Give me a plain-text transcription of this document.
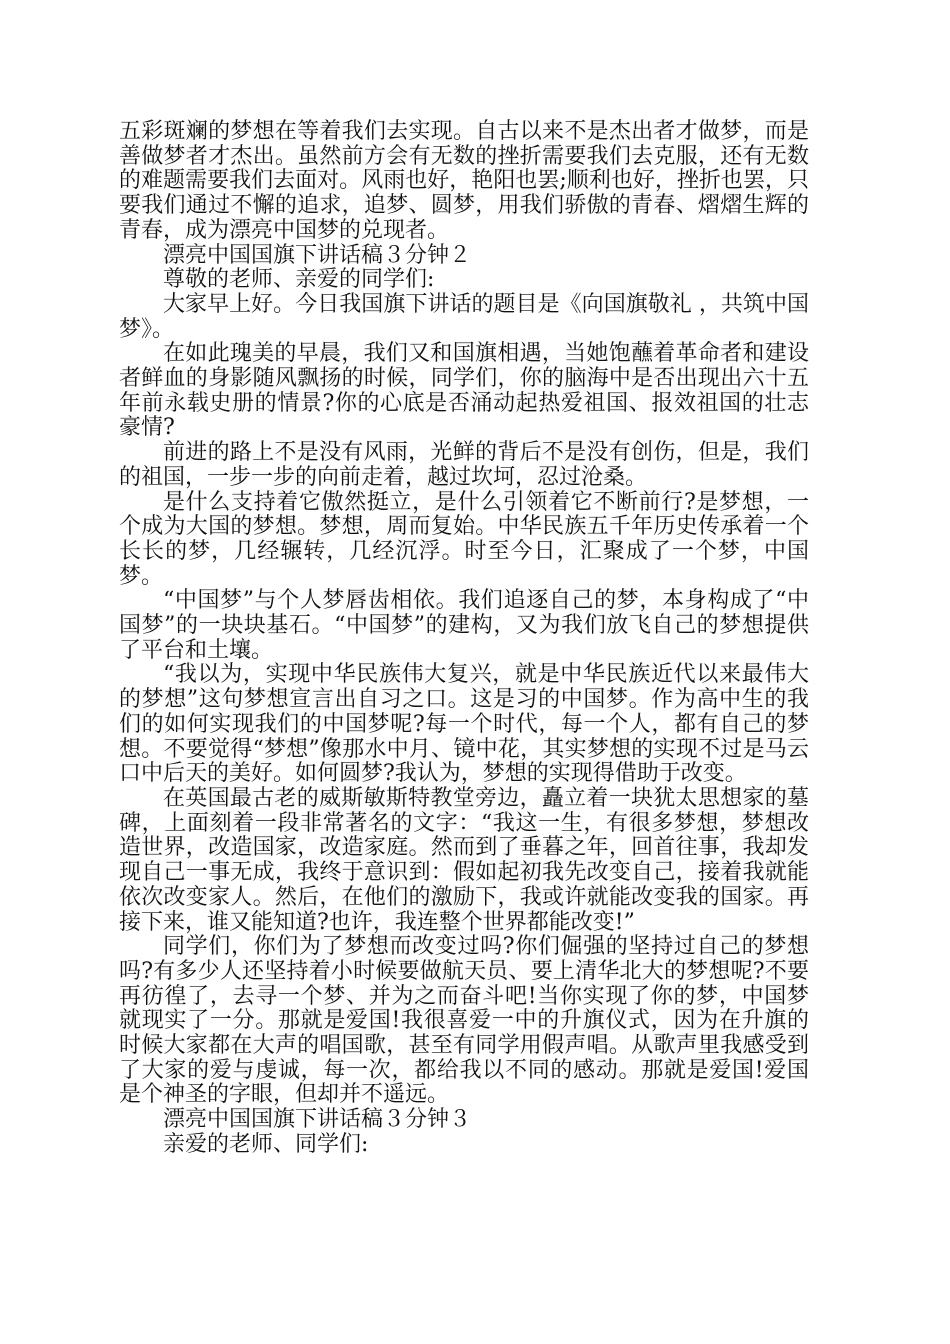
五彩斑斓的梦想在等着我们去实现。自古以来不是杰出者才做梦，而是善做梦者才杰出。虽然前方会有无数的挫折需要我们去克服，还有无数的难题需要我们去面对。风雨也好，艳阳也罢;顺利也好，挫折也罢，只要我们通过不懈的追求，追梦、圆梦，用我们骄傲的青春、熠熠生辉的青春，成为漂亮中国梦的兑现者。

漂亮中国国旗下讲话稿３分钟２

尊敬的老师、亲爱的同学们:

大家早上好。今日我国旗下讲话的题目是《向国旗敬礼 ，共筑中国梦》。

在如此瑰美的早晨，我们又和国旗相遇，当她饱蘸着革命者和建设者鲜血的身影随风飘扬的时候，同学们，你的脑海中是否出现出六十五年前永载史册的情景?你的心底是否涌动起热爱祖国、报效祖国的壮志豪情?

前进的路上不是没有风雨，光鲜的背后不是没有创伤，但是，我们的祖国，一步一步的向前走着，越过坎坷，忍过沧桑。

是什么支持着它傲然挺立，是什么引领着它不断前行?是梦想，一个成为大国的梦想。梦想，周而复始。中华民族五千年历史传承着一个长长的梦，几经辗转，几经沉浮。时至今日，汇聚成了一个梦，中国梦。

“中国梦”与个人梦唇齿相依。我们追逐自己的梦，本身构成了“中国梦”的一块块基石。“中国梦”的建构，又为我们放飞自己的梦想提供了平台和土壤。

“我以为，实现中华民族伟大复兴，就是中华民族近代以来最伟大的梦想”这句梦想宣言出自习之口。这是习的中国梦。作为高中生的我们的如何实现我们的中国梦呢?每一个时代，每一个人，都有自己的梦想。不要觉得“梦想”像那水中月、镜中花，其实梦想的实现不过是马云口中后天的美好。如何圆梦?我认为，梦想的实现得借助于改变。

在英国最古老的威斯敏斯特教堂旁边，矗立着一块犹太思想家的墓碑，上面刻着一段非常著名的文字：“我这一生，有很多梦想，梦想改造世界，改造国家，改造家庭。然而到了垂暮之年，回首往事，我却发现自己一事无成，我终于意识到：假如起初我先改变自己，接着我就能依次改变家人。然后，在他们的激励下，我或许就能改变我的国家。再接下来，谁又能知道?也许，我连整个世界都能改变!”

同学们，你们为了梦想而改变过吗?你们倔强的坚持过自己的梦想吗?有多少人还坚持着小时候要做航天员、要上清华北大的梦想呢?不要再彷徨了，去寻一个梦、并为之而奋斗吧!当你实现了你的梦，中国梦就现实了一分。那就是爱国!我很喜爱一中的升旗仪式，因为在升旗的时候大家都在大声的唱国歌，甚至有同学用假声唱。从歌声里我感受到了大家的爱与虔诚，每一次，都给我以不同的感动。那就是爱国!爱国是个神圣的字眼，但却并不遥远。

漂亮中国国旗下讲话稿３分钟３

亲爱的老师、同学们:
